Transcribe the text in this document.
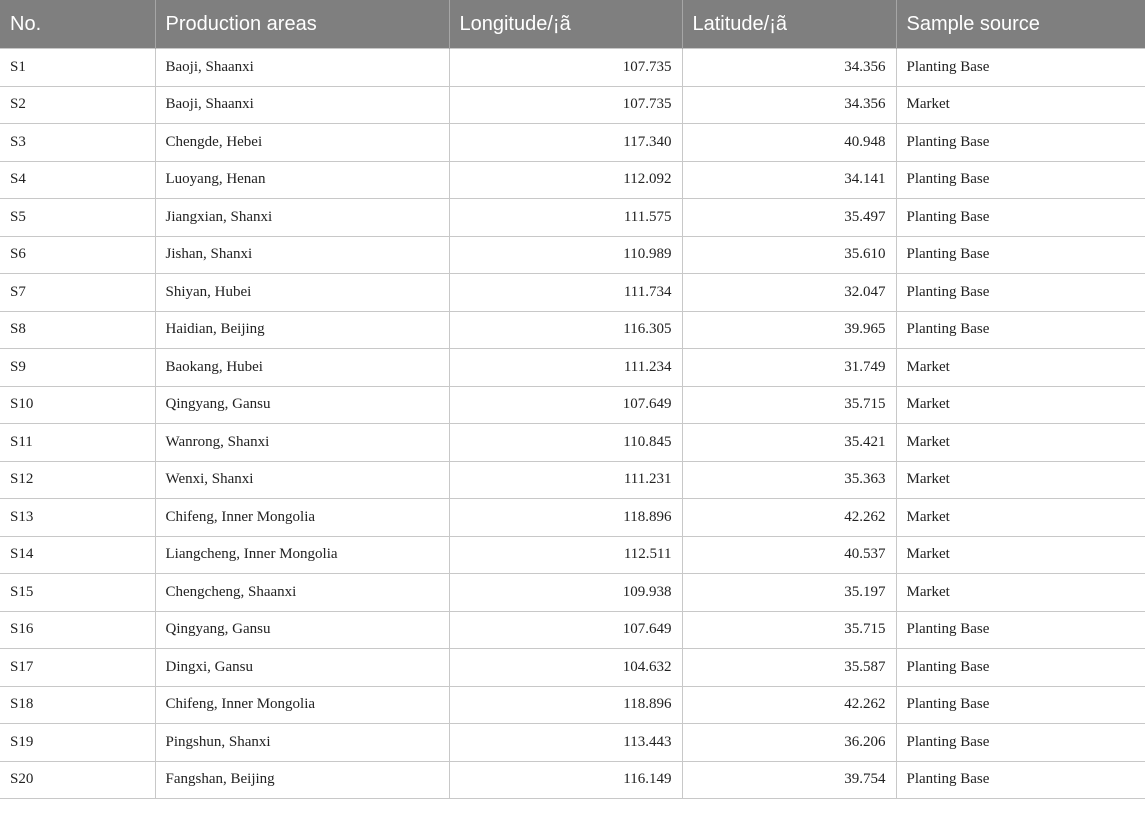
No.	Production areas	Longitude/¡ã	Latitude/¡ã	Sample source
S1	Baoji, Shaanxi	107.735	34.356	Planting Base
S2	Baoji, Shaanxi	107.735	34.356	Market
S3	Chengde, Hebei	117.340	40.948	Planting Base
S4	Luoyang, Henan	112.092	34.141	Planting Base
S5	Jiangxian, Shanxi	111.575	35.497	Planting Base
S6	Jishan, Shanxi	110.989	35.610	Planting Base
S7	Shiyan, Hubei	111.734	32.047	Planting Base
S8	Haidian, Beijing	116.305	39.965	Planting Base
S9	Baokang, Hubei	111.234	31.749	Market
S10	Qingyang, Gansu	107.649	35.715	Market
S11	Wanrong, Shanxi	110.845	35.421	Market
S12	Wenxi, Shanxi	111.231	35.363	Market
S13	Chifeng, Inner Mongolia	118.896	42.262	Market
S14	Liangcheng, Inner Mongolia	112.511	40.537	Market
S15	Chengcheng, Shaanxi	109.938	35.197	Market
S16	Qingyang, Gansu	107.649	35.715	Planting Base
S17	Dingxi, Gansu	104.632	35.587	Planting Base
S18	Chifeng, Inner Mongolia	118.896	42.262	Planting Base
S19	Pingshun, Shanxi	113.443	36.206	Planting Base
S20	Fangshan, Beijing	116.149	39.754	Planting Base
